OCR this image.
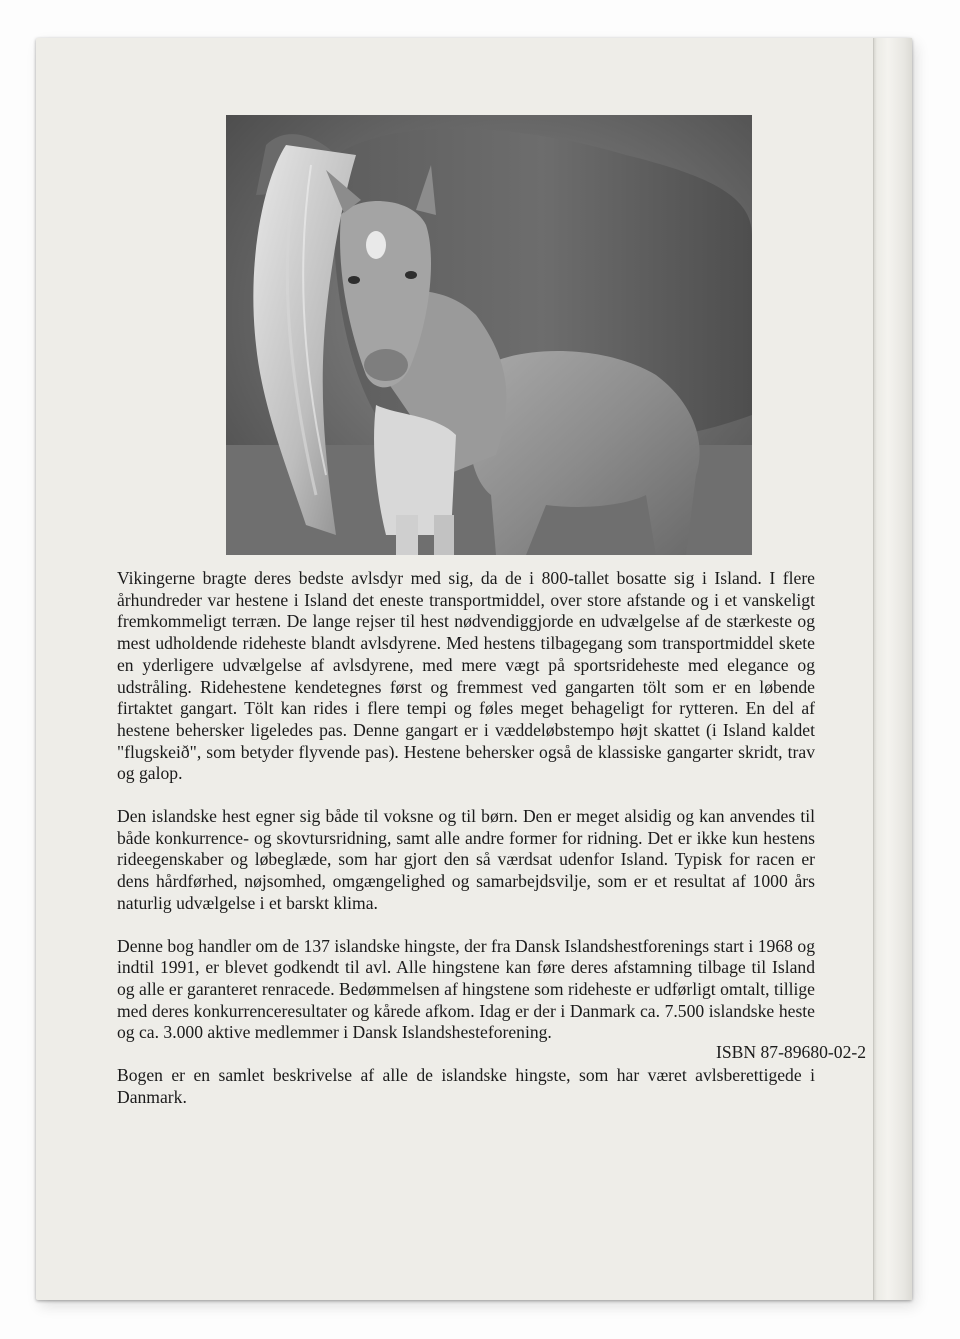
Vikingerne bragte deres bedste avlsdyr med sig, da de i 800-tallet bosatte sig i Island. I flere århundreder var hestene i Island det eneste transportmiddel, over store afstande og i et vanskeligt fremkommeligt terræn. De lange rejser til hest nødvendiggjorde en udvælgelse af de stærkeste og mest udholdende rideheste blandt avlsdyrene. Med hestens tilbagegang som transportmiddel skete en yderligere udvælgelse af avlsdyrene, med mere vægt på sportsrideheste med elegance og udstråling. Ridehestene kendetegnes først og fremmest ved gangarten tölt som er en løbende firtaktet gangart. Tölt kan rides i flere tempi og føles meget behageligt for rytteren. En del af hestene behersker ligeledes pas. Denne gangart er i væddeløbstempo højt skattet (i Island kaldet "flugskeið", som betyder flyvende pas). Hestene behersker også de klassiske gangarter skridt, trav og galop.

Den islandske hest egner sig både til voksne og til børn. Den er meget alsidig og kan anvendes til både konkurrence- og skovtursridning, samt alle andre former for ridning. Det er ikke kun hestens rideegenskaber og løbeglæde, som har gjort den så værdsat udenfor Island. Typisk for racen er dens hårdførhed, nøjsomhed, omgængelighed og samarbejdsvilje, som er et resultat af 1000 års naturlig udvælgelse i et barskt klima.

Denne bog handler om de 137 islandske hingste, der fra Dansk Islandshestforenings start i 1968 og indtil 1991, er blevet godkendt til avl. Alle hingstene kan føre deres afstamning tilbage til Island og alle er garanteret renracede. Bedømmelsen af hingstene som rideheste er udførligt omtalt, tillige med deres konkurrenceresultater og kårede afkom. Idag er der i Danmark ca. 7.500 islandske heste og ca. 3.000 aktive medlemmer i Dansk Islandshesteforening.

Bogen er en samlet beskrivelse af alle de islandske hingste, som har været avlsberettigede i Danmark.

ISBN 87-89680-02-2
